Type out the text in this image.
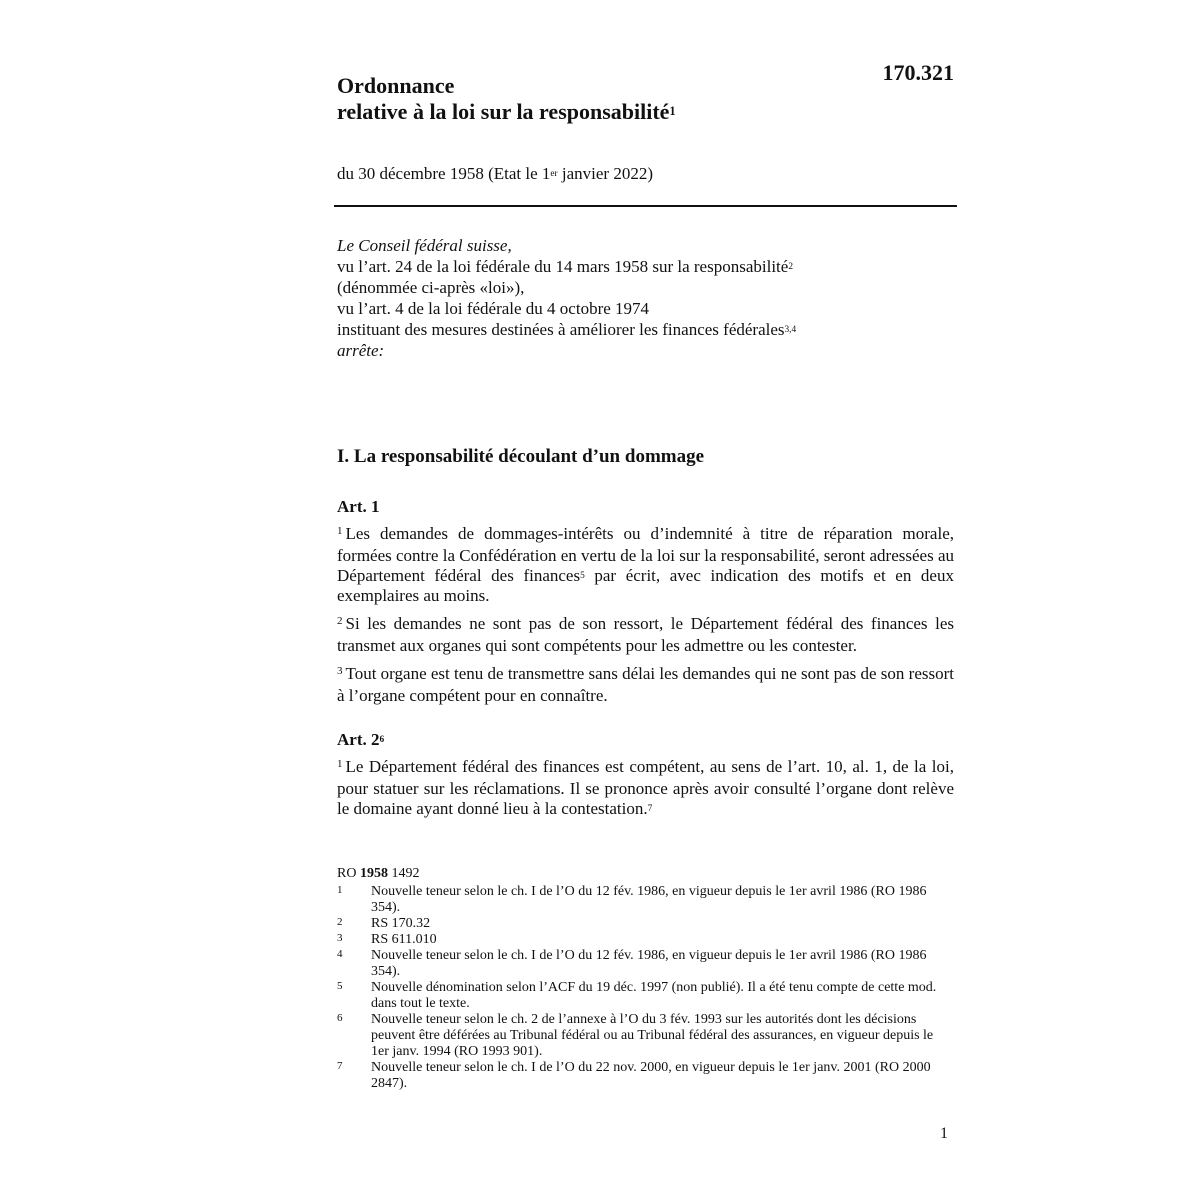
170.321
Ordonnance
relative à la loi sur la responsabilité$^1$
du 30 décembre 1958 (Etat le 1er janvier 2022)
Le Conseil fédéral suisse,
vu l’art. 24 de la loi fédérale du 14 mars 1958 sur la responsabilité$^2$
(dénommée ci-après «loi»),
vu l’art. 4 de la loi fédérale du 4 octobre 1974
instituant des mesures destinées à améliorer les finances fédérales$^{3,4}$
arrête:
I. La responsabilité découlant d’un dommage
Art. 1

$^1$ Les demandes de dommages-intérêts ou d’indemnité à titre de réparation morale, formées contre la Confédération en vertu de la loi sur la responsabilité, seront adressées au Département fédéral des finances$^5$ par écrit, avec indication des motifs et en deux exemplaires au moins.

$^2$ Si les demandes ne sont pas de son ressort, le Département fédéral des finances les transmet aux organes qui sont compétents pour les admettre ou les contester.

$^3$ Tout organe est tenu de transmettre sans délai les demandes qui ne sont pas de son ressort à l’organe compétent pour en connaître.

Art. $2^6$

$^1$ Le Département fédéral des finances est compétent, au sens de l’art. 10, al. 1, de la loi, pour statuer sur les réclamations. Il se prononce après avoir consulté l’organe dont relève le domaine ayant donné lieu à la contestation.$^7$

RO 1958 1492
1	Nouvelle teneur selon le ch. I de l’O du 12 fév. 1986, en vigueur depuis le 1er avril 1986 (RO 1986 354).
2	RS 170.32
3	RS 611.010
4	Nouvelle teneur selon le ch. I de l’O du 12 fév. 1986, en vigueur depuis le 1er avril 1986 (RO 1986 354).
5	Nouvelle dénomination selon l’ACF du 19 déc. 1997 (non publié). Il a été tenu compte de cette mod. dans tout le texte.
6	Nouvelle teneur selon le ch. 2 de l’annexe à l’O du 3 fév. 1993 sur les autorités dont les décisions peuvent être déférées au Tribunal fédéral ou au Tribunal fédéral des assurances, en vigueur depuis le 1er janv. 1994 (RO 1993 901).
7	Nouvelle teneur selon le ch. I de l’O du 22 nov. 2000, en vigueur depuis le 1er janv. 2001 (RO 2000 2847).
1
